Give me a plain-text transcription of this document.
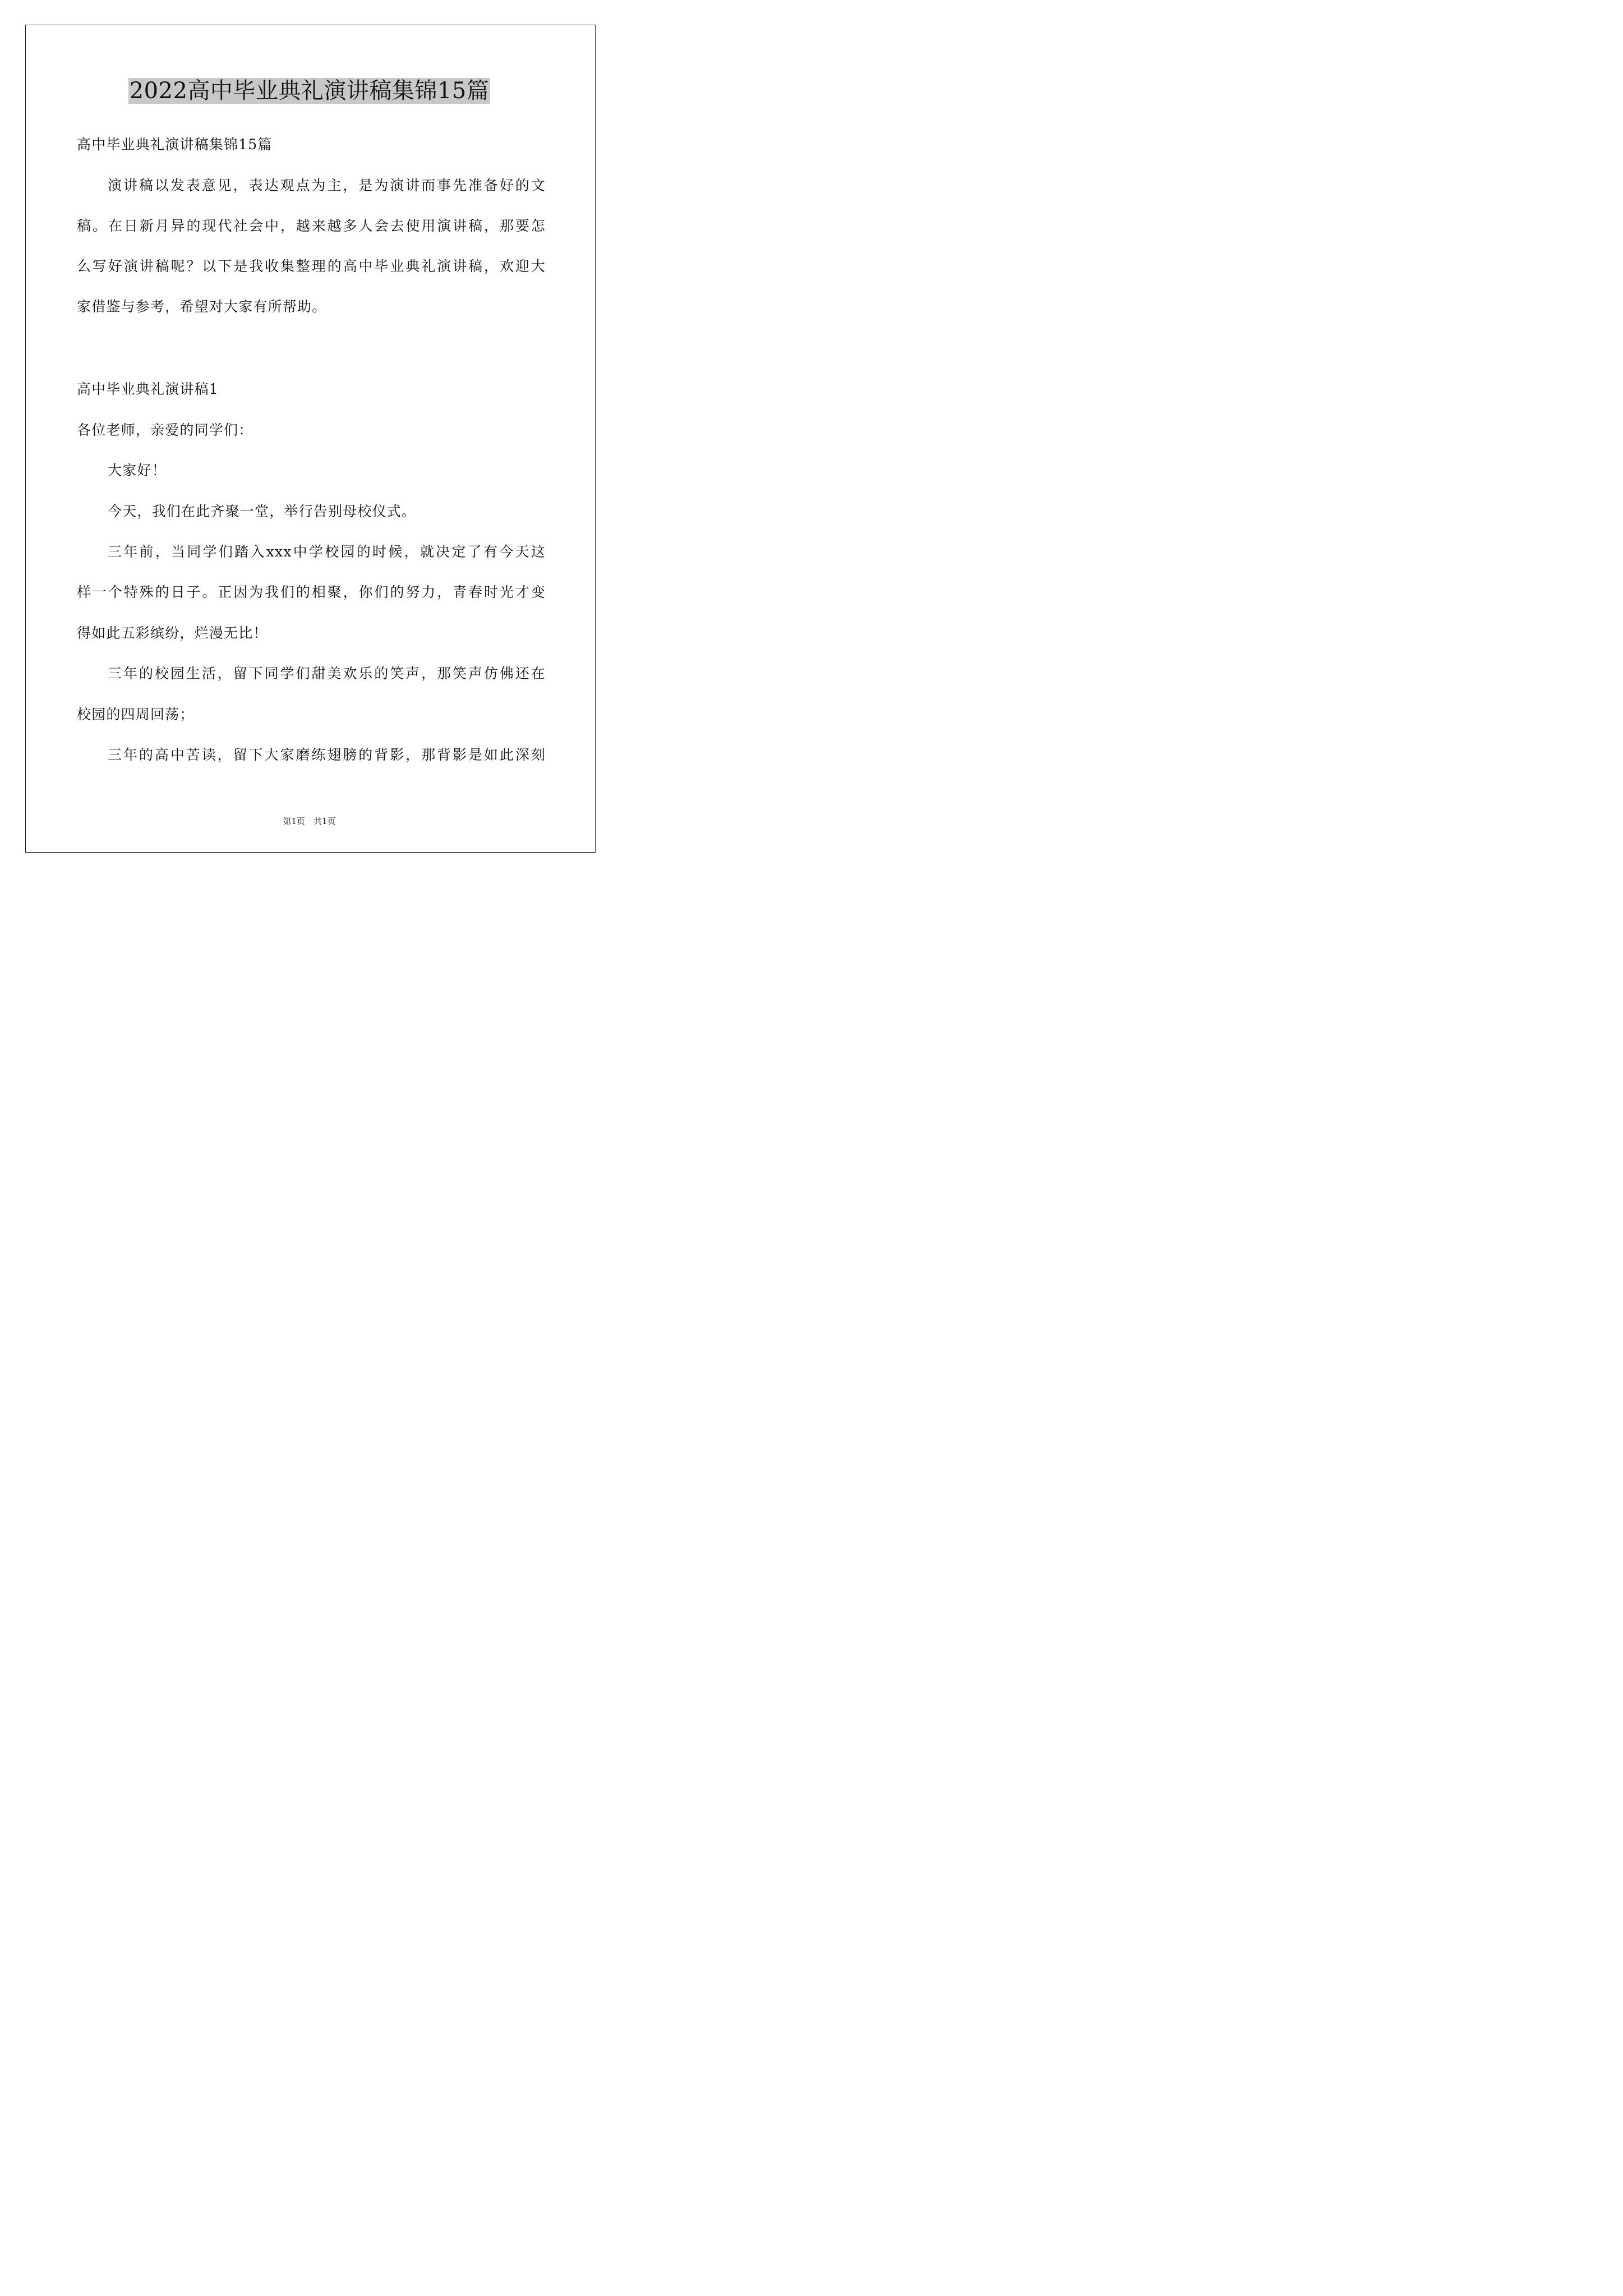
2022高中毕业典礼演讲稿集锦15篇
高中毕业典礼演讲稿集锦15篇
演讲稿以发表意见，表达观点为主，是为演讲而事先准备好的文
稿。在日新月异的现代社会中，越来越多人会去使用演讲稿，那要怎
么写好演讲稿呢？以下是我收集整理的高中毕业典礼演讲稿，欢迎大
家借鉴与参考，希望对大家有所帮助。
高中毕业典礼演讲稿1
各位老师，亲爱的同学们：
大家好！
今天，我们在此齐聚一堂，举行告别母校仪式。
三年前，当同学们踏入xxx中学校园的时候，就决定了有今天这
样一个特殊的日子。正因为我们的相聚，你们的努力，青春时光才变
得如此五彩缤纷，烂漫无比！
三年的校园生活，留下同学们甜美欢乐的笑声，那笑声仿佛还在
校园的四周回荡；
三年的高中苦读，留下大家磨练翅膀的背影，那背影是如此深刻
第1页　共1页
